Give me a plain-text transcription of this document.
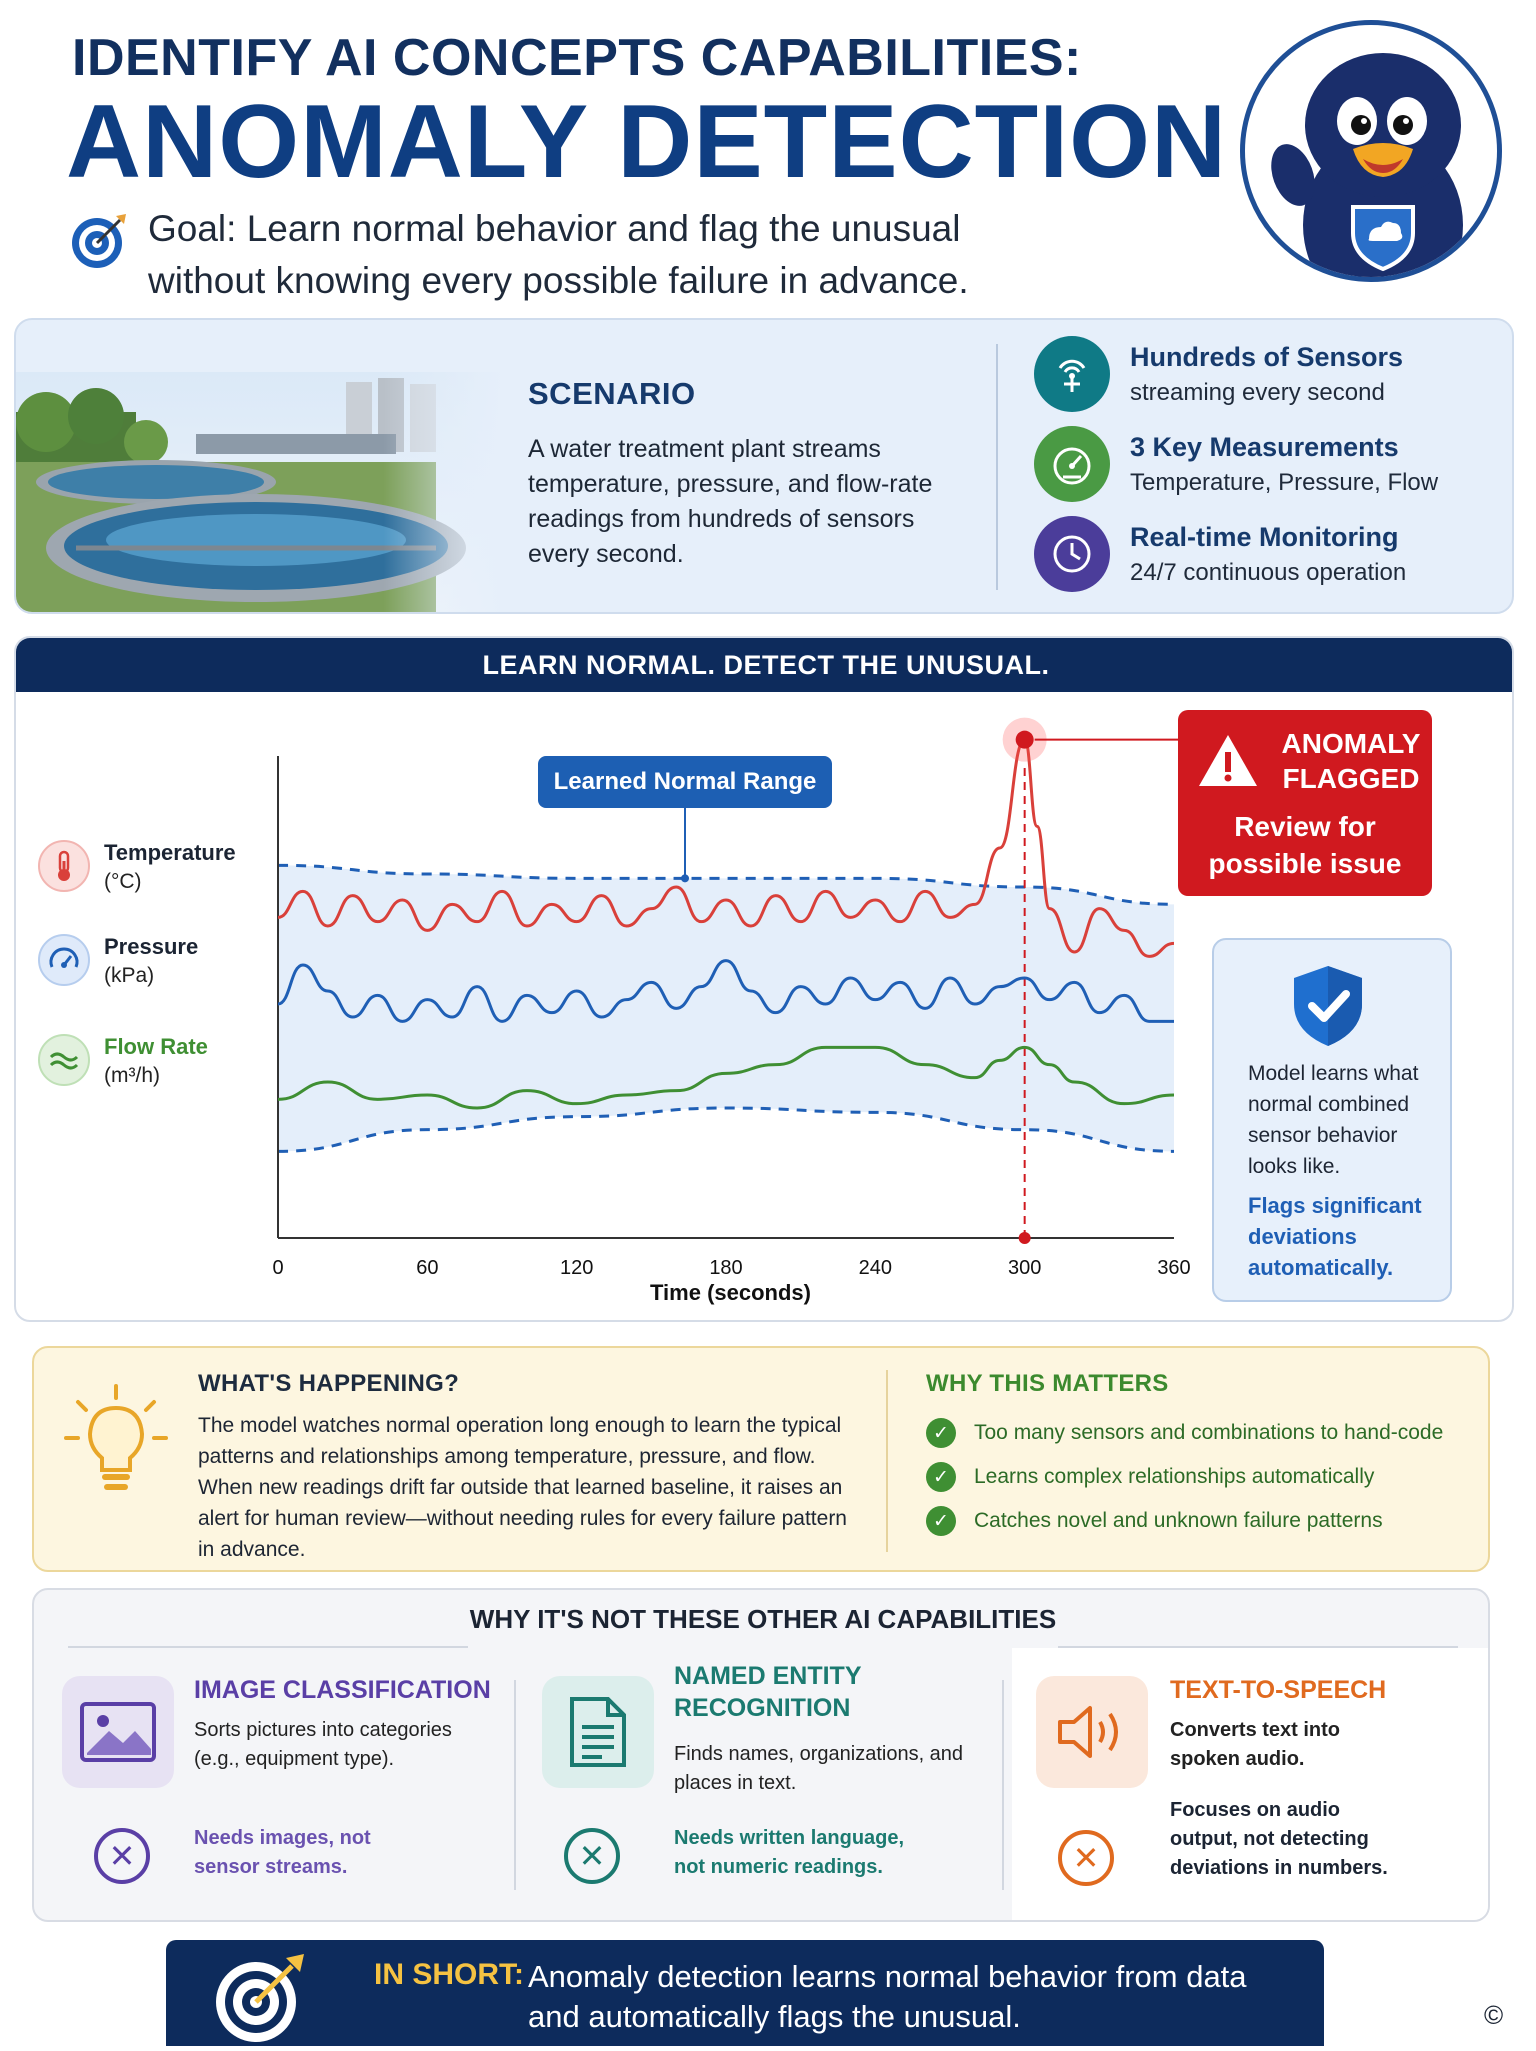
IDENTIFY AI CONCEPTS CAPABILITIES:
ANOMALY DETECTION
Goal: Learn normal behavior and flag the unusual
without knowing every possible failure in advance.
SCENARIO
A water treatment plant streams temperature, pressure, and flow-rate readings from hundreds of sensors every second.
Hundreds of Sensors
streaming every second
3 Key Measurements
Temperature, Pressure, Flow
Real-time Monitoring
24/7 continuous operation
LEARN NORMAL. DETECT THE UNUSUAL.
Temperature
(°C)
Pressure
(kPa)
Flow Rate
(m³/h)
0	60	120	180	240	300	360
Learned Normal Range
ANOMALY
FLAGGED
Review for
possible issue
Model learns what normal combined sensor behavior looks like.
Flags significant deviations automatically.
Time (seconds)
WHAT'S HAPPENING?
The model watches normal operation long enough to learn the typical patterns and relationships among temperature, pressure, and flow. When new readings drift far outside that learned baseline, it raises an alert for human review—without needing rules for every failure pattern in advance.
WHY THIS MATTERS
✓	Too many sensors and combinations to hand-code
✓	Learns complex relationships automatically
✓	Catches novel and unknown failure patterns
WHY IT'S NOT THESE OTHER AI CAPABILITIES
IMAGE CLASSIFICATION
Sorts pictures into categories (e.g., equipment type).
✕	Needs images, not sensor streams.
NAMED ENTITY RECOGNITION
Finds names, organizations, and places in text.
✕	Needs written language, not numeric readings.
TEXT-TO-SPEECH
Converts text into spoken audio.
✕
Focuses on audio output, not detecting deviations in numbers.
IN SHORT: Anomaly detection learns normal behavior from data and automatically flags the unusual.	©
